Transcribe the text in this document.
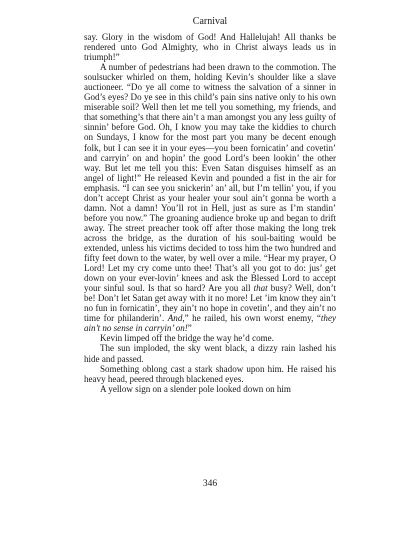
Carnival

say. Glory in the wisdom of God! And Hallelujah! All thanks be rendered unto God Almighty, who in Christ always leads us in triumph!”

A number of pedestrians had been drawn to the commotion. The soulsucker whirled on them, holding Kevin’s shoulder like a slave auctioneer. “Do ye all come to witness the salvation of a sinner in God’s eyes? Do ye see in this child’s pain sins native only to his own miserable soil? Well then let me tell you something, my friends, and that something’s that there ain’t a man amongst you any less guilty of sinnin’ before God. Oh, I know you may take the kiddies to church on Sundays, I know for the most part you many be decent enough folk, but I can see it in your eyes—you been fornicatin’ and covetin’ and carryin’ on and hopin’ the good Lord’s been lookin’ the other way. But let me tell you this: Even Satan disguises himself as an angel of light!” He released Kevin and pounded a fist in the air for emphasis. “I can see you snickerin’ an’ all, but I’m tellin’ you, if you don’t accept Christ as your healer your soul ain’t gonna be worth a damn. Not a damn! You’ll rot in Hell, just as sure as I’m standin’ before you now.” The groaning audience broke up and began to drift away. The street preacher took off after those making the long trek across the bridge, as the duration of his soul-baiting would be extended, unless his victims decided to toss him the two hundred and fifty feet down to the water, by well over a mile. “Hear my prayer, O Lord! Let my cry come unto thee! That’s all you got to do: jus’ get down on your ever-lovin’ knees and ask the Blessed Lord to accept your sinful soul. Is that so hard? Are you all that busy? Well, don’t be! Don’t let Satan get away with it no more! Let ’im know they ain’t no fun in fornicatin’, they ain’t no hope in covetin’, and they ain’t no time for philanderin’. And,” he railed, his own worst enemy, “they ain’t no sense in carryin’ on!”

Kevin limped off the bridge the way he’d come.

The sun imploded, the sky went black, a dizzy rain lashed his hide and passed.

Something oblong cast a stark shadow upon him. He raised his heavy head, peered through blackened eyes.

A yellow sign on a slender pole looked down on him

346
